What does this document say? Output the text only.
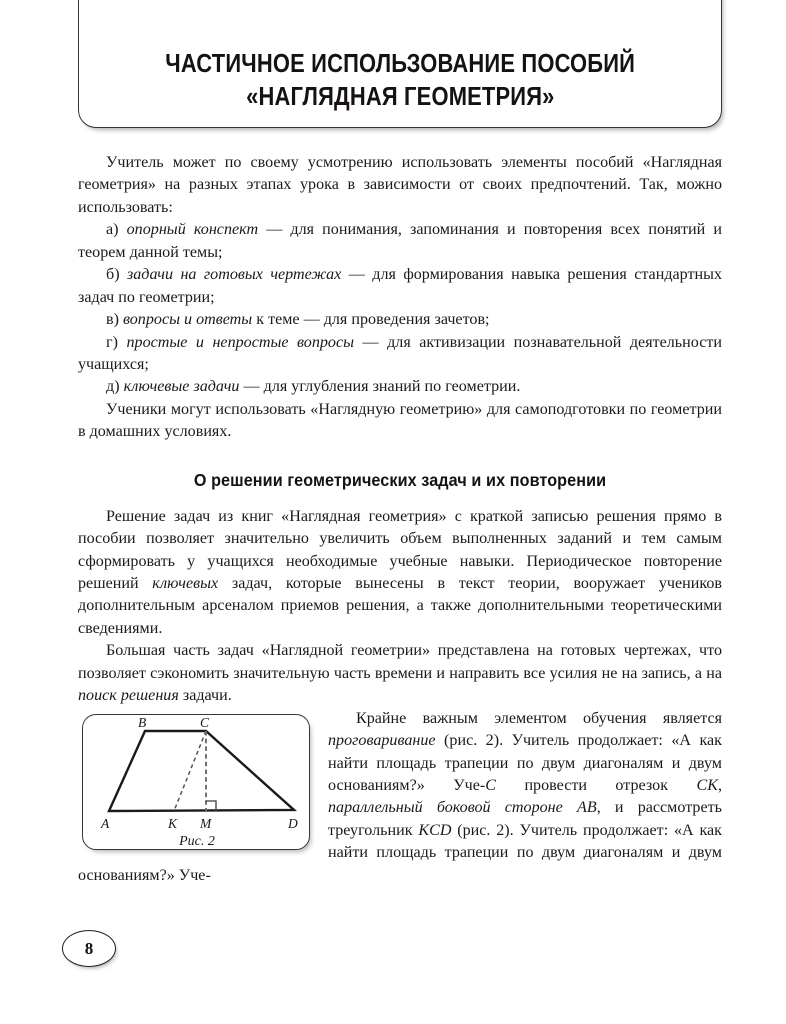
ЧАСТИЧНОЕ ИСПОЛЬЗОВАНИЕ ПОСОБИЙ
«НАГЛЯДНАЯ ГЕОМЕТРИЯ»

Учитель может по своему усмотрению использовать элементы пособий «Наглядная геометрия» на разных этапах урока в зависимости от своих предпочтений. Так, можно использовать:

а) опорный конспект — для понимания, запоминания и повторения всех понятий и теорем данной темы;

б) задачи на готовых чертежах — для формирования навыка решения стандартных задач по геометрии;

в) вопросы и ответы к теме — для проведения зачетов;

г) простые и непростые вопросы — для активизации познавательной деятельности учащихся;

д) ключевые задачи — для углубления знаний по геометрии.

Ученики могут использовать «Наглядную геометрию» для самоподготовки по геометрии в домашних условиях.

О решении геометрических задач и их повторении

Решение задач из книг «Наглядная геометрия» с краткой записью решения прямо в пособии позволяет значительно увеличить объем выполненных заданий и тем самым сформировать у учащихся необходимые учебные навыки. Периодическое повторение решений ключевых задач, которые вынесены в текст теории, вооружает учеников дополнительным арсеналом приемов решения, а также дополнительными теоретическими сведениями.

Большая часть задач «Наглядной геометрии» представлена на готовых чертежах, что позволяет сэкономить значительную часть времени и направить все усилия не на запись, а на поиск решения задачи.

A
B	C
D
K M
Рис. 2

Крайне важным элементом обучения является проговаривание (рис. 2). Учитель продолжает: «А как найти площадь трапеции по двум диагоналям и двум основаниям?» Уче-C провести отрезок CK, параллельный боковой стороне AB, и рассмотреть треугольник KCD (рис. 2). Учитель продолжает: «А как найти площадь трапеции по двум диагоналям и двум основаниям?» Уче-

8
